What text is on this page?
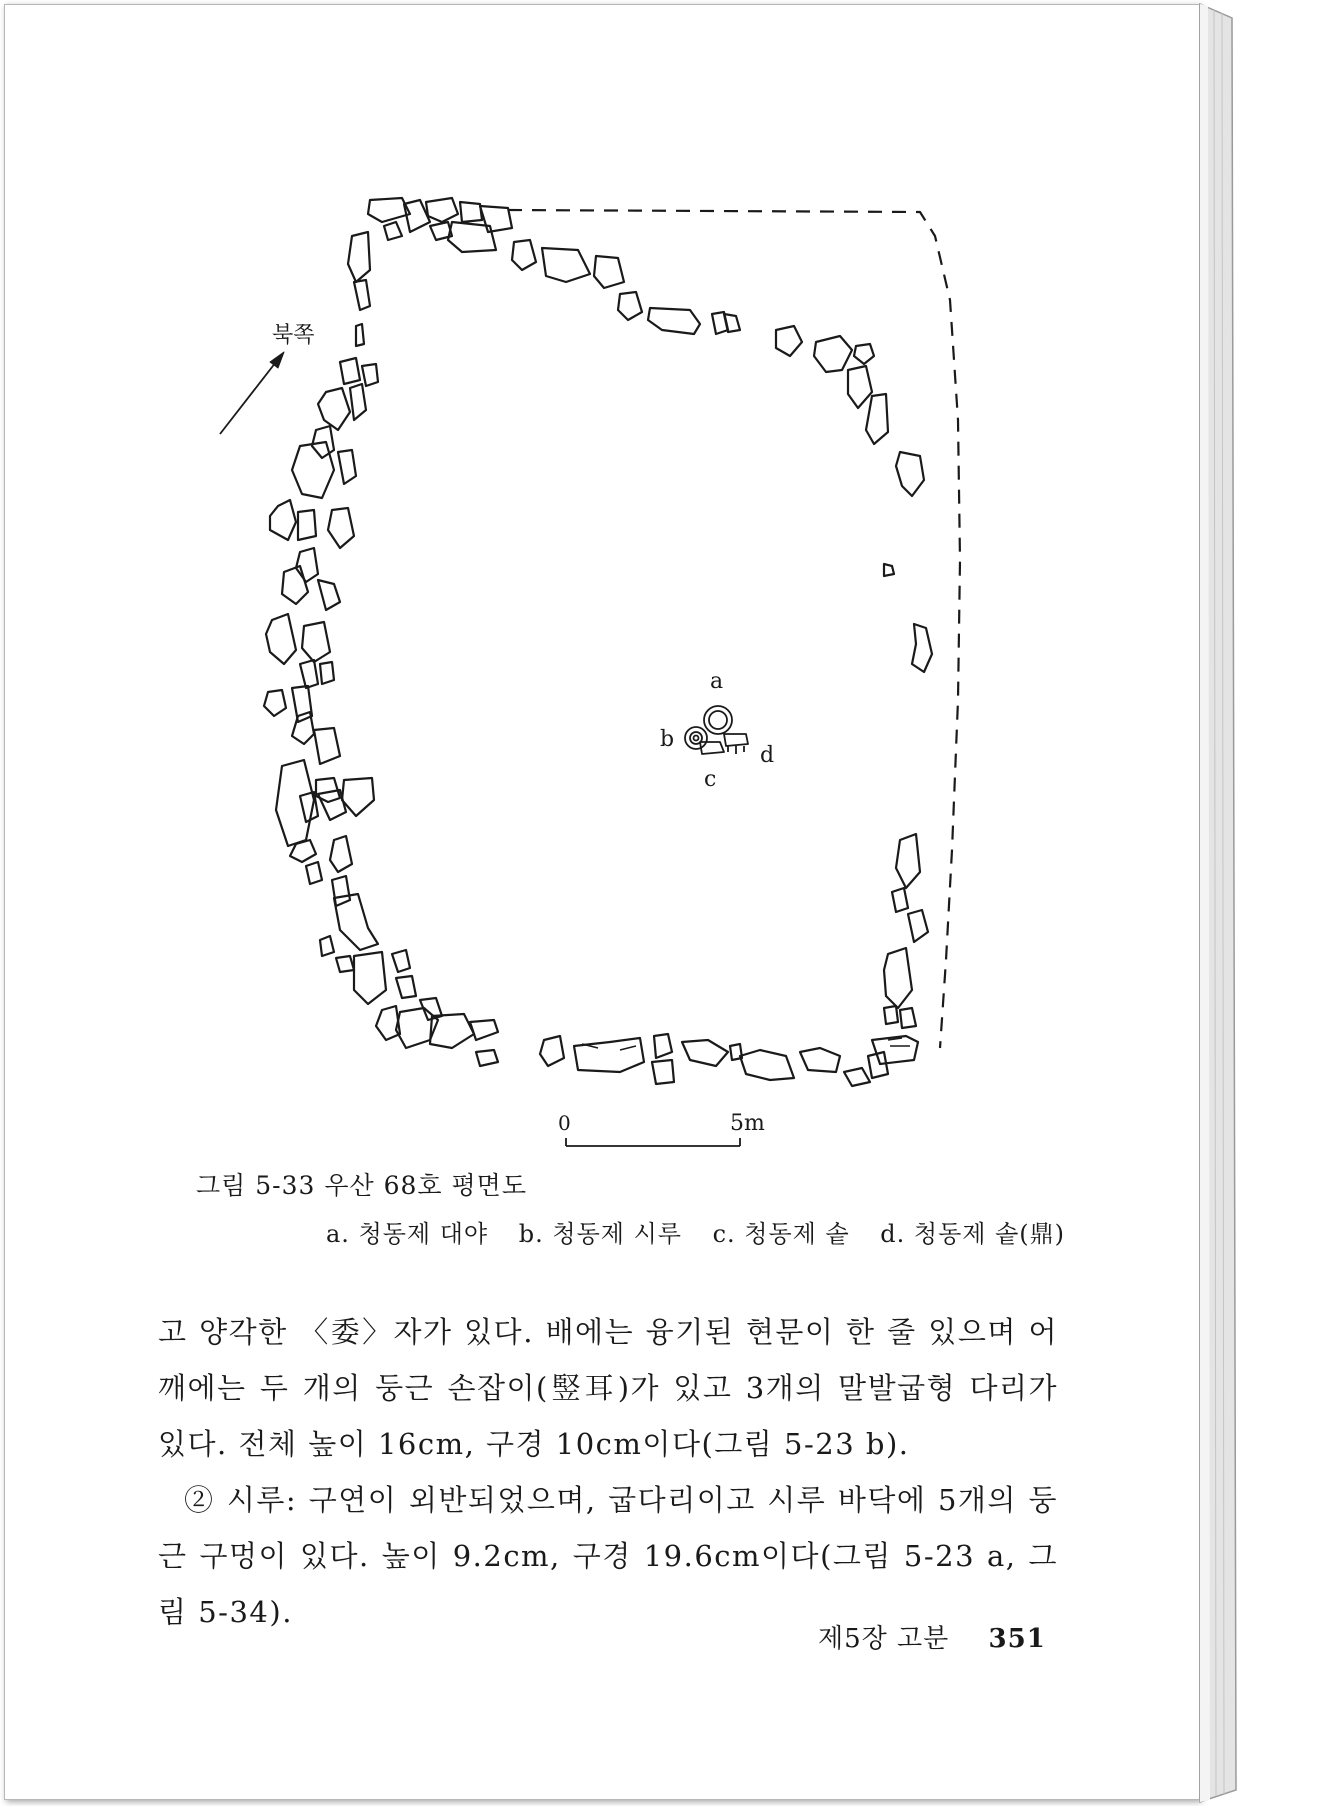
북쪽
a
b
c
d
0	5m
그림 5-33 우산 68호 평면도
a. 청동제 대야 b. 청동제 시루 c. 청동제 솥 d. 청동제 솥(鼎)

고 양각한 〈委〉자가 있다. 배에는 융기된 현문이 한 줄 있으며 어깨에는 두 개의 둥근 손잡이(竪耳)가 있고 3개의 말발굽형 다리가 있다. 전체 높이 16cm, 구경 10cm이다(그림 5-23 b).

② 시루: 구연이 외반되었으며, 굽다리이고 시루 바닥에 5개의 둥근 구멍이 있다. 높이 9.2cm, 구경 19.6cm이다(그림 5-23 a, 그림 5-34).

제5장 고분 351
